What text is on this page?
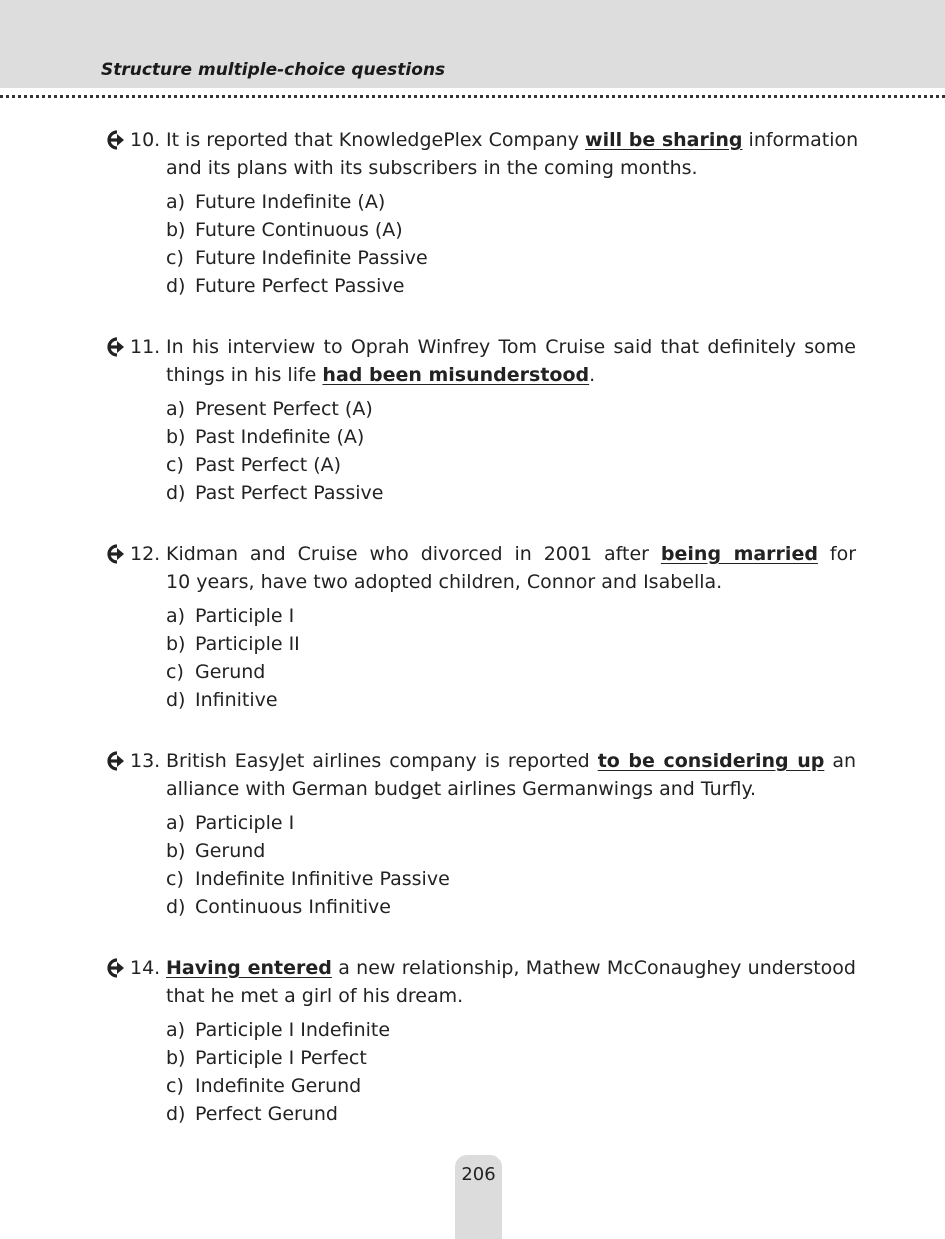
Structure multiple-choice questions
10. It is reported that KnowledgePlex Company will be sharing information
and its plans with its subscribers in the coming months.
a) Future Indefinite (A)
b) Future Continuous (A)
c) Future Indefinite Passive
d) Future Perfect Passive
11. In his interview to Oprah Winfrey Tom Cruise said that definitely some
things in his life had been misunderstood.
a) Present Perfect (A)
b) Past Indefinite (A)
c) Past Perfect (A)
d) Past Perfect Passive
12. Kidman and Cruise who divorced in 2001 after being married for
10 years, have two adopted children, Connor and Isabella.
a) Participle I
b) Participle II
c) Gerund
d) Infinitive
13. British EasyJet airlines company is reported to be considering up an
alliance with German budget airlines Germanwings and Turfly.
a) Participle I
b) Gerund
c) Indefinite Infinitive Passive
d) Continuous Infinitive
14. Having entered a new relationship, Mathew McConaughey understood
that he met a girl of his dream.
a) Participle I Indefinite
b) Participle I Perfect
c) Indefinite Gerund
d) Perfect Gerund
206
